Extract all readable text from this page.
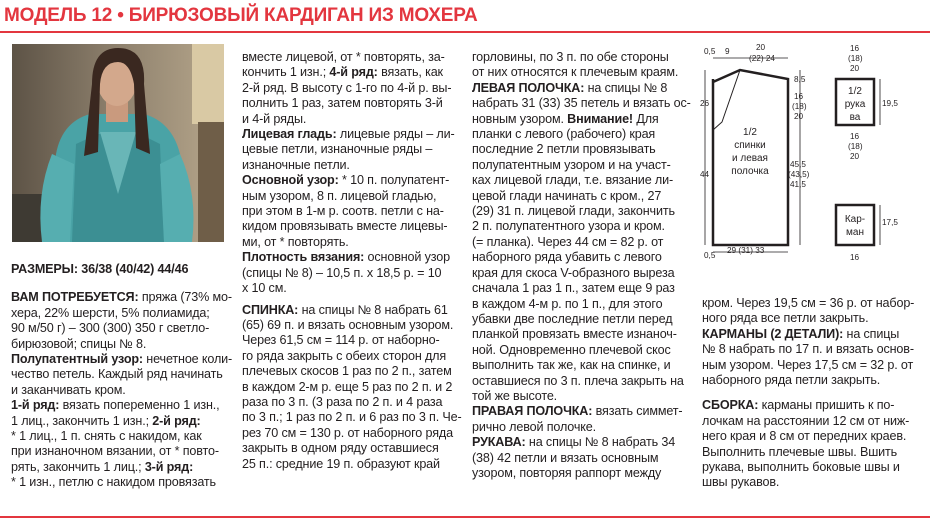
МОДЕЛЬ 12 • БИРЮЗОВЫЙ КАРДИГАН ИЗ МОХЕРА

РАЗМЕРЫ: 36/38 (40/42) 44/46

ВАМ ПОТРЕБУЕТСЯ: пряжа (73% мо-

хера, 22% шерсти, 5% полиамида;

90 м/50 г) – 300 (300) 350 г светло-

бирюзовой; спицы № 8.

Полупатентный узор: нечетное коли-

чество петель. Каждый ряд начинать

и заканчивать кром.

1-й ряд: вязать попеременно 1 изн.,

1 лиц., закончить 1 изн.; 2-й ряд:

* 1 лиц., 1 п. снять с накидом, как

при изнаночном вязании, от * повто-

рять, закончить 1 лиц.; 3-й ряд:

* 1 изн., петлю с накидом провязать

вместе лицевой, от * повторять, за-

кончить 1 изн.; 4-й ряд: вязать, как

2-й ряд. В высоту с 1-го по 4-й р. вы-

полнить 1 раз, затем повторять 3-й

и 4-й ряды.

Лицевая гладь: лицевые ряды – ли-

цевые петли, изнаночные ряды –

изнаночные петли.

Основной узор: * 10 п. полупатент-

ным узором, 8 п. лицевой гладью,

при этом в 1-м р. соотв. петли с на-

кидом провязывать вместе лицевы-

ми, от * повторять.

Плотность вязания: основной узор

(спицы № 8) – 10,5 п. х 18,5 р. = 10

х 10 см.

СПИНКА: на спицы № 8 набрать 61

(65) 69 п. и вязать основным узором.

Через 61,5 см = 114 р. от наборно-

го ряда закрыть с обеих сторон для

плечевых скосов 1 раз по 2 п., затем

в каждом 2-м р. еще 5 раз по 2 п. и 2

раза по 3 п. (3 раза по 2 п. и 4 раза

по 3 п.; 1 раз по 2 п. и 6 раз по 3 п. Че-

рез 70 см = 130 р. от наборного ряда

закрыть в одном ряду оставшиеся

25 п.: средние 19 п. образуют край

горловины, по 3 п. по обе стороны

от них относятся к плечевым краям.

ЛЕВАЯ ПОЛОЧКА: на спицы № 8

набрать 31 (33) 35 петель и вязать ос-

новным узором. Внимание! Для

планки с левого (рабочего) края

последние 2 петли провязывать

полупатентным узором и на участ-

ках лицевой глади, т.е. вязание ли-

цевой глади начинать с кром., 27

(29) 31 п. лицевой глади, закончить

2 п. полупатентного узора и кром.

(= планка). Через 44 см = 82 р. от

наборного ряда убавить с левого

края для скоса V-образного выреза

сначала 1 раз 1 п., затем еще 9 раз

в каждом 4-м р. по 1 п., для этого

убавки две последние петли перед

планкой провязать вместе изнаноч-

ной. Одновременно плечевой скос

выполнить так же, как на спинке, и

оставшиеся по 3 п. плеча закрыть на

той же высоте.

ПРАВАЯ ПОЛОЧКА: вязать симмет-

рично левой полочке.

РУКАВА: на спицы № 8 набрать 34

(38) 42 петли и вязать основным

узором, повторяя раппорт между

кром. Через 19,5 см = 36 р. от набор-

ного ряда все петли закрыть.

КАРМАНЫ (2 ДЕТАЛИ): на спицы

№ 8 набрать по 17 п. и вязать основ-

ным узором. Через 17,5 см = 32 р. от

наборного ряда петли закрыть.

СБОРКА: карманы пришить к по-

лочкам на расстоянии 12 см от ниж-

него края и 8 см от передних краев.

Выполнить плечевые швы. Вшить

рукава, выполнить боковые швы и

швы рукавов.

1/2
спинки
и левая
полочка
0,5 9	20
(22) 24
8,5
16
(18)
20
26
44
45,5
(43,5)
41,5
0,5
29 (31) 33
1/2
рука
ва
16
(18)
20
19,5
16
(18)
20
Кар-
ман
17,5
16
